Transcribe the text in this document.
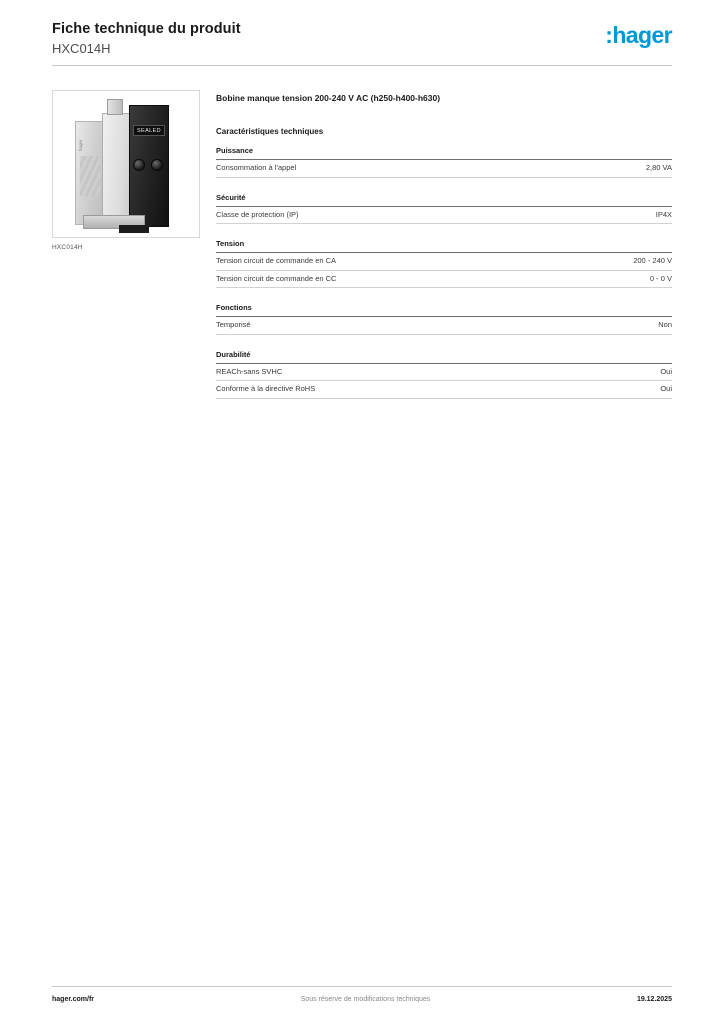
Fiche technique du produit
HXC014H
:hager
SEALED
hager
HXC014H
Bobine manque tension 200-240 V AC (h250-h400-h630)
Caractéristiques techniques
Puissance
Consommation à l'appel	2,80 VA
Sécurité
Classe de protection (IP)	IP4X
Tension
Tension circuit de commande en CA	200 - 240 V
Tension circuit de commande en CC	0 - 0 V
Fonctions
Temporisé	Non
Durabilité
REACh-sans SVHC	Oui
Conforme à la directive RoHS	Oui
hager.com/fr	Sous réserve de modifications techniques	19.12.2025
